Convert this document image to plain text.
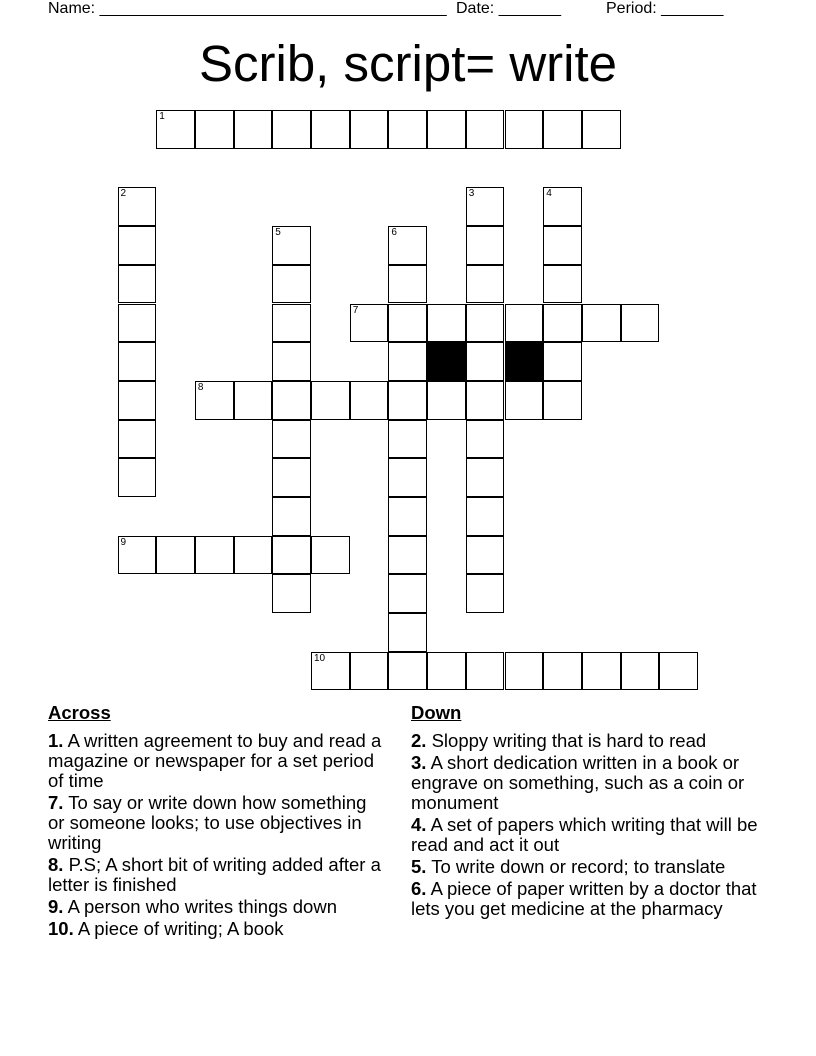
Name: _______________________________________ Date: _______	Period: _______
Scrib, script= write
1
2	3	4
5	6
7
8
9
10
Across
1. A written agreement to buy and read a magazine or newspaper for a set period of time
7. To say or write down how something or someone looks; to use objectives in writing
8. P.S; A short bit of writing added after a letter is finished
9. A person who writes things down
10. A piece of writing; A book
Down
2. Sloppy writing that is hard to read
3. A short dedication written in a book or engrave on something, such as a coin or monument
4. A set of papers which writing that will be read and act it out
5. To write down or record; to translate
6. A piece of paper written by a doctor that lets you get medicine at the pharmacy
